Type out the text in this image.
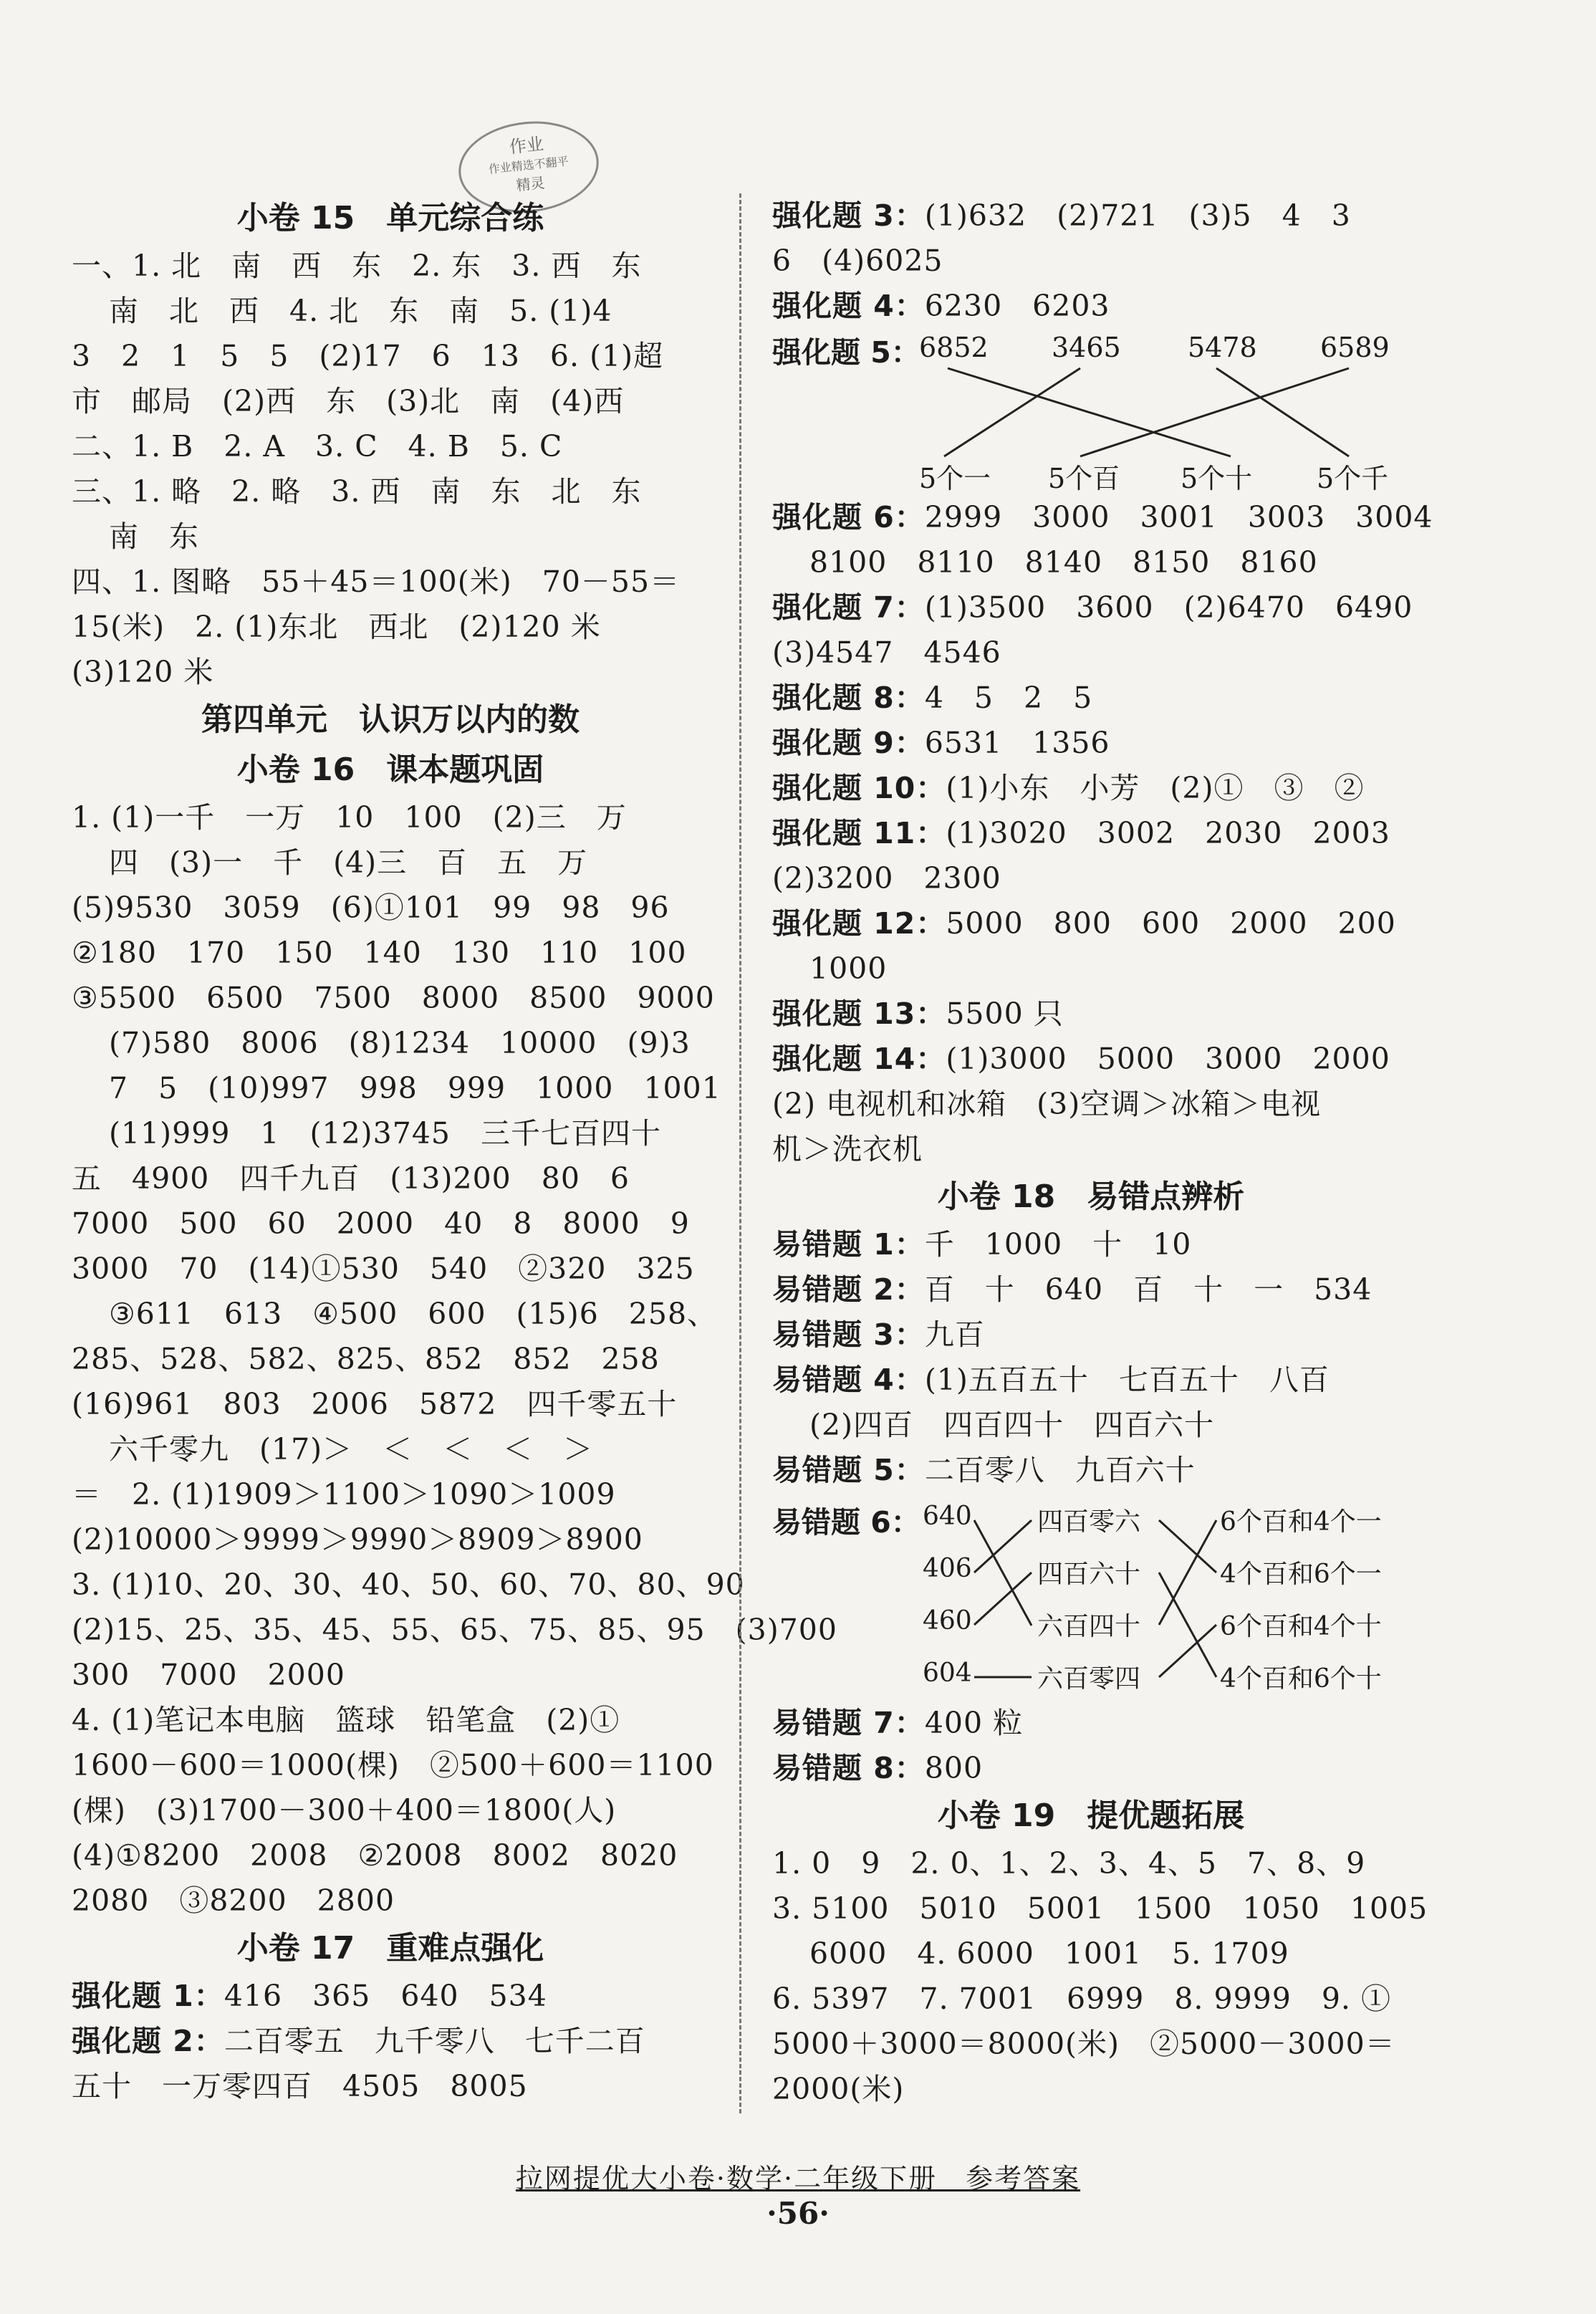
作业
作业精选不翻平
精灵
小卷 15　单元综合练
一、1. 北　南　西　东　2. 东　3. 西　东
南　北　西　4. 北　东　南　5. (1)4
3　2　1　5　5　(2)17　6　13　6. (1)超
市　邮局　(2)西　东　(3)北　南　(4)西
二、1. B　2. A　3. C　4. B　5. C
三、1. 略　2. 略　3. 西　南　东　北　东
南　东
四、1. 图略　55＋45＝100(米)　70－55＝
15(米)　2. (1)东北　西北　(2)120 米
(3)120 米
第四单元　认识万以内的数
小卷 16　课本题巩固
1. (1)一千　一万　10　100　(2)三　万
四　(3)一　千　(4)三　百　五　万
(5)9530　3059　(6)①101　99　98　96
②180　170　150　140　130　110　100
③5500　6500　7500　8000　8500　9000
(7)580　8006　(8)1234　10000　(9)3
7　5　(10)997　998　999　1000　1001
(11)999　1　(12)3745　三千七百四十
五　4900　四千九百　(13)200　80　6
7000　500　60　2000　40　8　8000　9
3000　70　(14)①530　540　②320　325
③611　613　④500　600　(15)6　258、
285、528、582、825、852　852　258
(16)961　803　2006　5872　四千零五十
六千零九　(17)＞　＜　＜　＜　＞
＝　2. (1)1909＞1100＞1090＞1009
(2)10000＞9999＞9990＞8909＞8900
3. (1)10、20、30、40、50、60、70、80、90
(2)15、25、35、45、55、65、75、85、95　(3)700
300　7000　2000
4. (1)笔记本电脑　篮球　铅笔盒　(2)①
1600－600＝1000(棵)　②500＋600＝1100
(棵)　(3)1700－300＋400＝1800(人)
(4)①8200　2008　②2008　8002　8020
2080　③8200　2800
小卷 17　重难点强化
强化题 1：416　365　640　534
强化题 2：二百零五　九千零八　七千二百
五十　一万零四百　4505　8005
强化题 3：(1)632　(2)721　(3)5　4　3
6　(4)6025
强化题 4：6230　6203
强化题 5：
6852 3465 5478 6589
5个一 5个百 5个十 5个千
强化题 6：2999　3000　3001　3003　3004
8100　8110　8140　8150　8160
强化题 7：(1)3500　3600　(2)6470　6490
(3)4547　4546
强化题 8：4　5　2　5
强化题 9：6531　1356
强化题 10：(1)小东　小芳　(2)①　③　②
强化题 11：(1)3020　3002　2030　2003
(2)3200　2300
强化题 12：5000　800　600　2000　200
1000
强化题 13：5500 只
强化题 14：(1)3000　5000　3000　2000
(2) 电视机和冰箱　(3)空调＞冰箱＞电视
机＞洗衣机
小卷 18　易错点辨析
易错题 1：千　1000　十　10
易错题 2：百　十　640　百　十　一　534
易错题 3：九百
易错题 4：(1)五百五十　七百五十　八百
(2)四百　四百四十　四百六十
易错题 5：二百零八　九百六十
易错题 6： 640
406
460
604
四百零六
四百六十
六百四十
六百零四
6个百和4个一
4个百和6个一
6个百和4个十
4个百和6个十
易错题 7：400 粒
易错题 8：800
小卷 19　提优题拓展
1. 0　9　2. 0、1、2、3、4、5　7、8、9
3. 5100　5010　5001　1500　1050　1005
6000　4. 6000　1001　5. 1709
6. 5397　7. 7001　6999　8. 9999　9. ①
5000＋3000＝8000(米)　②5000－3000＝
2000(米)
拉网提优大小卷·数学·二年级下册　参考答案
·56·
